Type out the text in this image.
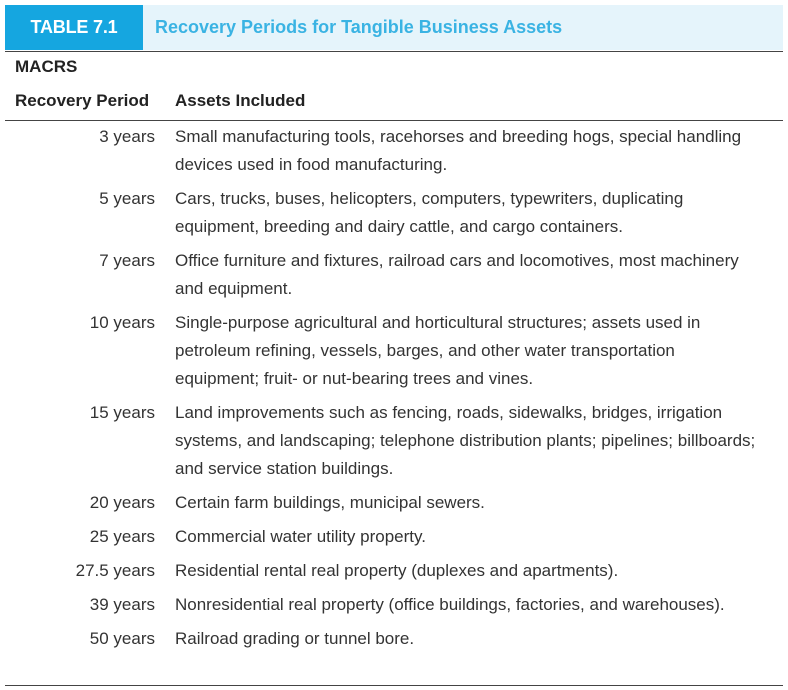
TABLE 7.1	Recovery Periods for Tangible Business Assets
MACRS
Recovery Period Assets Included
3 years Small manufacturing tools, racehorses and breeding hogs, special handling devices used in food manufacturing.
5 years Cars, trucks, buses, helicopters, computers, typewriters, duplicating equipment, breeding and dairy cattle, and cargo containers.
7 years Office furniture and fixtures, railroad cars and locomotives, most machinery and equipment.
10 years Single-purpose agricultural and horticultural structures; assets used in petroleum refining, vessels, barges, and other water transportation equipment; fruit- or nut-bearing trees and vines.
15 years Land improvements such as fencing, roads, sidewalks, bridges, irrigation systems, and landscaping; telephone distribution plants; pipelines; billboards; and service station buildings.
20 years Certain farm buildings, municipal sewers.
25 years Commercial water utility property.
27.5 years Residential rental real property (duplexes and apartments).
39 years Nonresidential real property (office buildings, factories, and warehouses).
50 years Railroad grading or tunnel bore.
